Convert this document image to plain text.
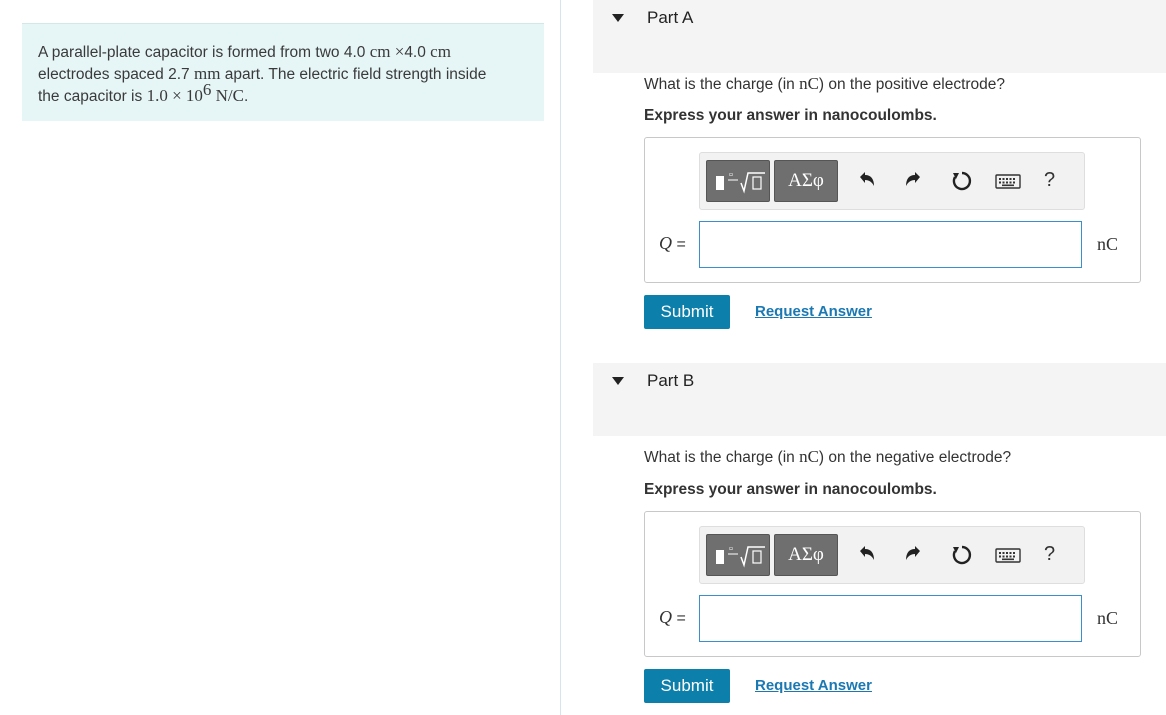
A parallel-plate capacitor is formed from two 4.0 cm ×4.0 cm
electrodes spaced 2.7 mm apart. The electric field strength inside
the capacitor is $1.0 \times 10^6$ N/C.
Part A
What is the charge (in nC) on the positive electrode?
Express your answer in nanocoulombs.
▫	ΑΣφ	?
Q =	nC
Submit	Request Answer
Part B
What is the charge (in nC) on the negative electrode?
Express your answer in nanocoulombs.
▫	ΑΣφ	?
Q =	nC
Submit	Request Answer
